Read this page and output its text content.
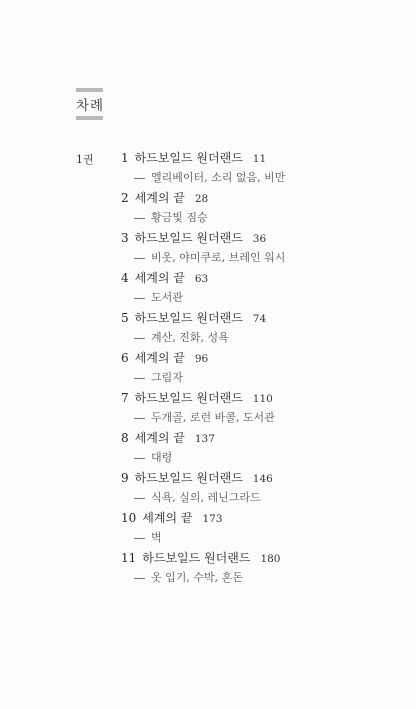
차례
1권 1 하드보일드 원더랜드 11
엘리베이터, 소리 없음, 비만
2 세계의 끝 28
황금빛 짐승
3 하드보일드 원더랜드 36
비옷, 야미쿠로, 브레인 워시
4 세계의 끝 63
도서관
5 하드보일드 원더랜드 74
계산, 진화, 성욕
6 세계의 끝 96
그림자
7 하드보일드 원더랜드 110
두개골, 로런 바콜, 도서관
8 세계의 끝 137
대령
9 하드보일드 원더랜드 146
식욕, 실의, 레닌그라드
10 세계의 끝 173
벽
11 하드보일드 원더랜드 180
옷 입기, 수박, 혼돈
